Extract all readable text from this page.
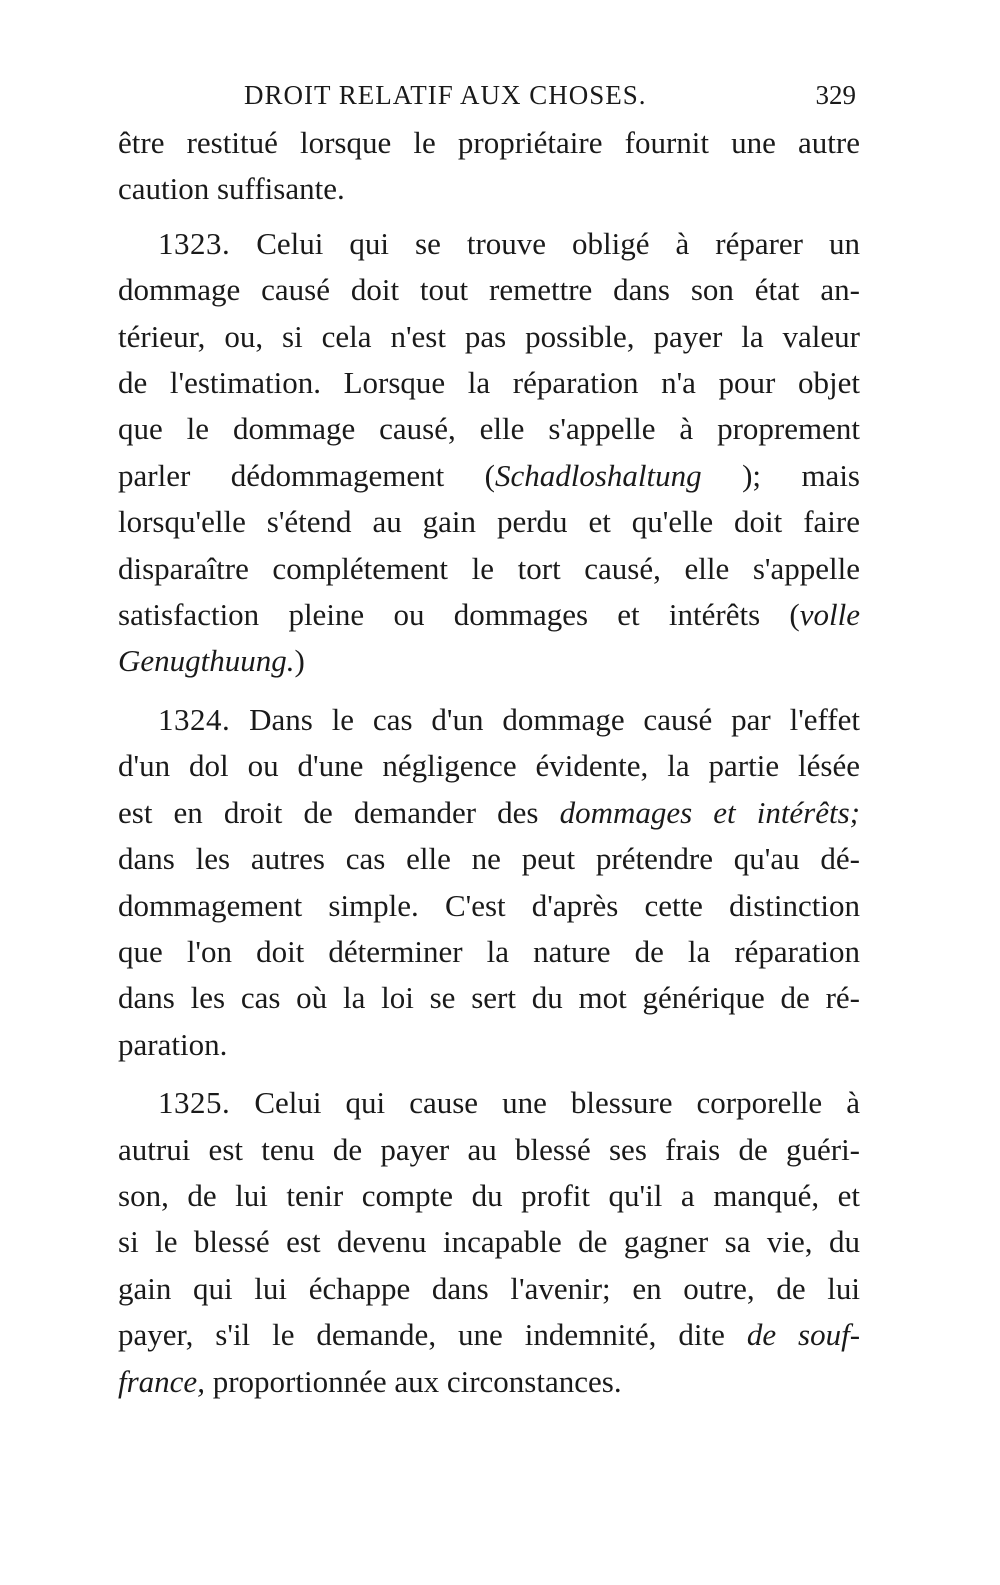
DROIT RELATIF AUX CHOSES.	329

être restitué lorsque le propriétaire fournit une autre
caution suffisante.

1323. Celui qui se trouve obligé à réparer un
dommage causé doit tout remettre dans son état an-
térieur, ou, si cela n'est pas possible, payer la valeur
de l'estimation. Lorsque la réparation n'a pour objet
que le dommage causé, elle s'appelle à proprement
parler dédommagement (Schadloshaltung ); mais
lorsqu'elle s'étend au gain perdu et qu'elle doit faire
disparaître complétement le tort causé, elle s'appelle
satisfaction pleine ou dommages et intérêts (volle
Genugthuung.)

1324. Dans le cas d'un dommage causé par l'effet
d'un dol ou d'une négligence évidente, la partie lésée
est en droit de demander des dommages et intérêts;
dans les autres cas elle ne peut prétendre qu'au dé-
dommagement simple. C'est d'après cette distinction
que l'on doit déterminer la nature de la réparation
dans les cas où la loi se sert du mot générique de ré-
paration.

1325. Celui qui cause une blessure corporelle à
autrui est tenu de payer au blessé ses frais de guéri-
son, de lui tenir compte du profit qu'il a manqué, et
si le blessé est devenu incapable de gagner sa vie, du
gain qui lui échappe dans l'avenir; en outre, de lui
payer, s'il le demande, une indemnité, dite de souf-
france, proportionnée aux circonstances.
